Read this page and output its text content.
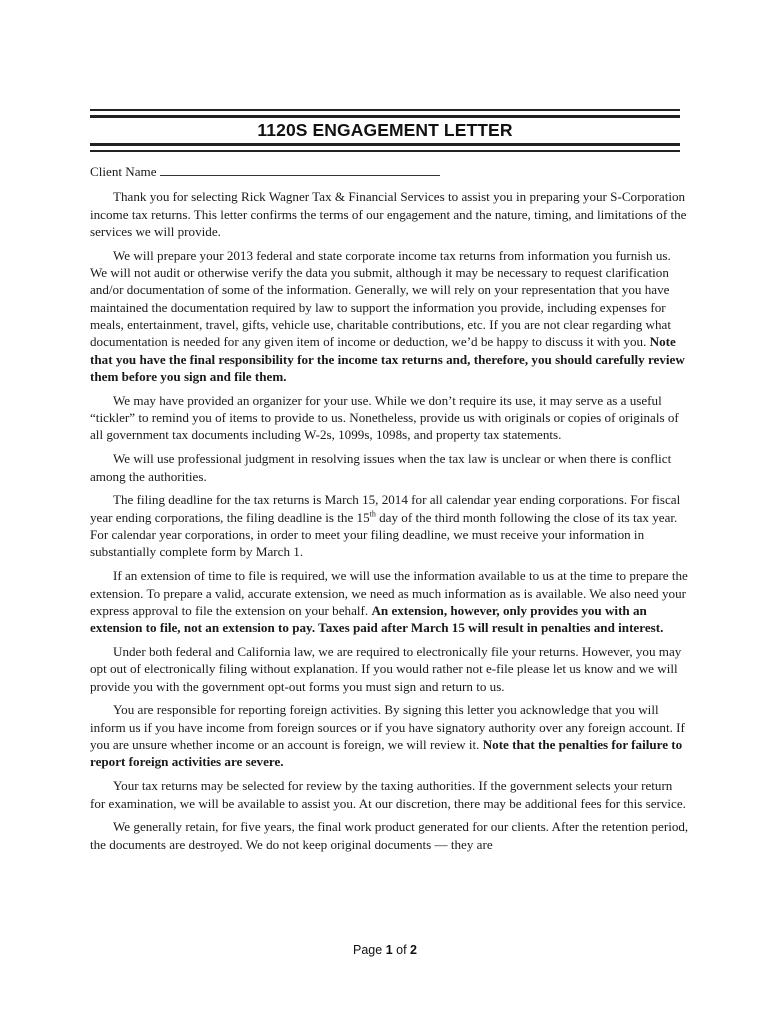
1120S ENGAGEMENT LETTER
Client Name

Thank you for selecting Rick Wagner Tax & Financial Services to assist you in preparing your S-Corporation income tax returns. This letter confirms the terms of our engagement and the nature, timing, and limitations of the services we will provide.

We will prepare your 2013 federal and state corporate income tax returns from information you furnish us. We will not audit or otherwise verify the data you submit, although it may be necessary to request clarification and/or documentation of some of the information. Generally, we will rely on your representation that you have maintained the documentation required by law to support the information you provide, including expenses for meals, entertainment, travel, gifts, vehicle use, charitable contributions, etc. If you are not clear regarding what documentation is needed for any given item of income or deduction, we’d be happy to discuss it with you. Note that you have the final responsibility for the income tax returns and, therefore, you should carefully review them before you sign and file them.

We may have provided an organizer for your use. While we don’t require its use, it may serve as a useful “tickler” to remind you of items to provide to us. Nonetheless, provide us with originals or copies of originals of all government tax documents including W-2s, 1099s, 1098s, and property tax statements.

We will use professional judgment in resolving issues when the tax law is unclear or when there is conflict among the authorities.

The filing deadline for the tax returns is March 15, 2014 for all calendar year ending corporations. For fiscal year ending corporations, the filing deadline is the 15th day of the third month following the close of its tax year. For calendar year corporations, in order to meet your filing deadline, we must receive your information in substantially complete form by March 1.

If an extension of time to file is required, we will use the information available to us at the time to prepare the extension. To prepare a valid, accurate extension, we need as much information as is available. We also need your express approval to file the extension on your behalf. An extension, however, only provides you with an extension to file, not an extension to pay. Taxes paid after March 15 will result in penalties and interest.

Under both federal and California law, we are required to electronically file your returns. However, you may opt out of electronically filing without explanation. If you would rather not e-file please let us know and we will provide you with the government opt-out forms you must sign and return to us.

You are responsible for reporting foreign activities. By signing this letter you acknowledge that you will inform us if you have income from foreign sources or if you have signatory authority over any foreign account. If you are unsure whether income or an account is foreign, we will review it. Note that the penalties for failure to report foreign activities are severe.

Your tax returns may be selected for review by the taxing authorities. If the government selects your return for examination, we will be available to assist you. At our discretion, there may be additional fees for this service.

We generally retain, for five years, the final work product generated for our clients. After the retention period, the documents are destroyed. We do not keep original documents — they are

Page 1 of 2
